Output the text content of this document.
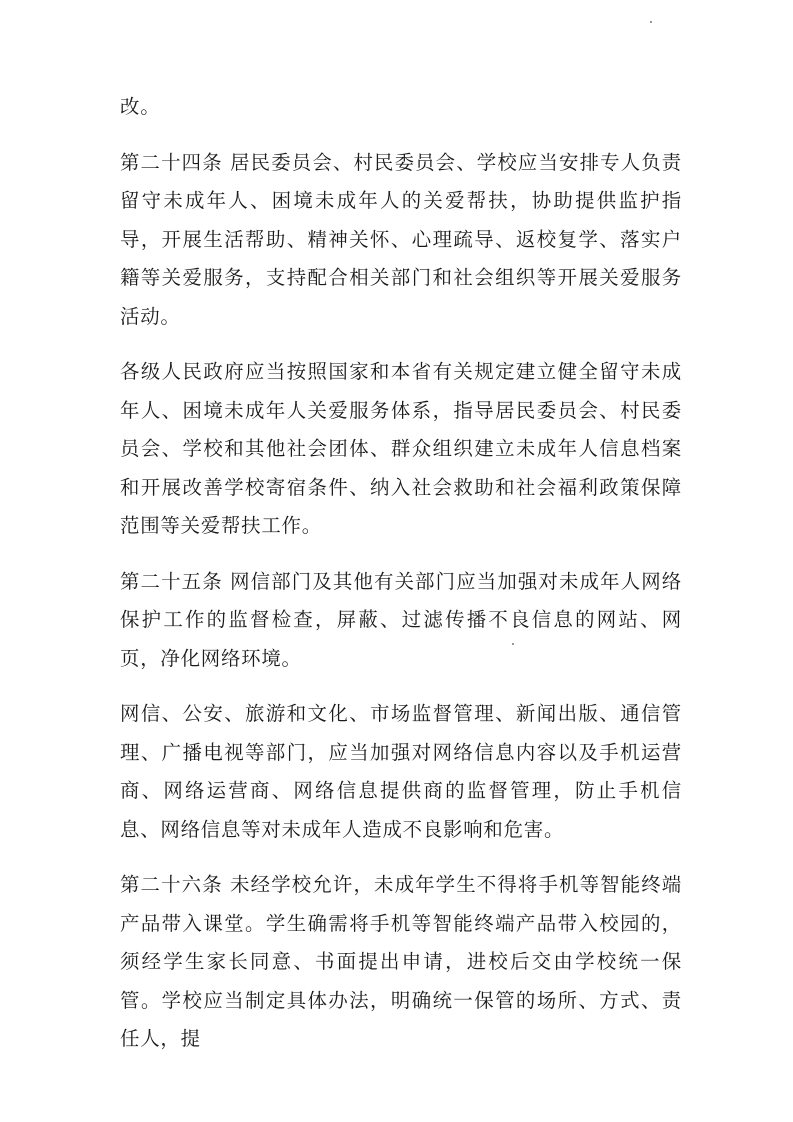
改。

第二十四条 居民委员会、村民委员会、学校应当安排专人负责留守未成年人、困境未成年人的关爱帮扶，协助提供监护指导，开展生活帮助、精神关怀、心理疏导、返校复学、落实户籍等关爱服务，支持配合相关部门和社会组织等开展关爱服务活动。

各级人民政府应当按照国家和本省有关规定建立健全留守未成年人、困境未成年人关爱服务体系，指导居民委员会、村民委员会、学校和其他社会团体、群众组织建立未成年人信息档案和开展改善学校寄宿条件、纳入社会救助和社会福利政策保障范围等关爱帮扶工作。

第二十五条 网信部门及其他有关部门应当加强对未成年人网络保护工作的监督检查，屏蔽、过滤传播不良信息的网站、网页，净化网络环境。

网信、公安、旅游和文化、市场监督管理、新闻出版、通信管理、广播电视等部门，应当加强对网络信息内容以及手机运营商、网络运营商、网络信息提供商的监督管理，防止手机信息、网络信息等对未成年人造成不良影响和危害。

第二十六条 未经学校允许，未成年学生不得将手机等智能终端产品带入课堂。学生确需将手机等智能终端产品带入校园的，须经学生家长同意、书面提出申请，进校后交由学校统一保管。学校应当制定具体办法，明确统一保管的场所、方式、责任人，提
